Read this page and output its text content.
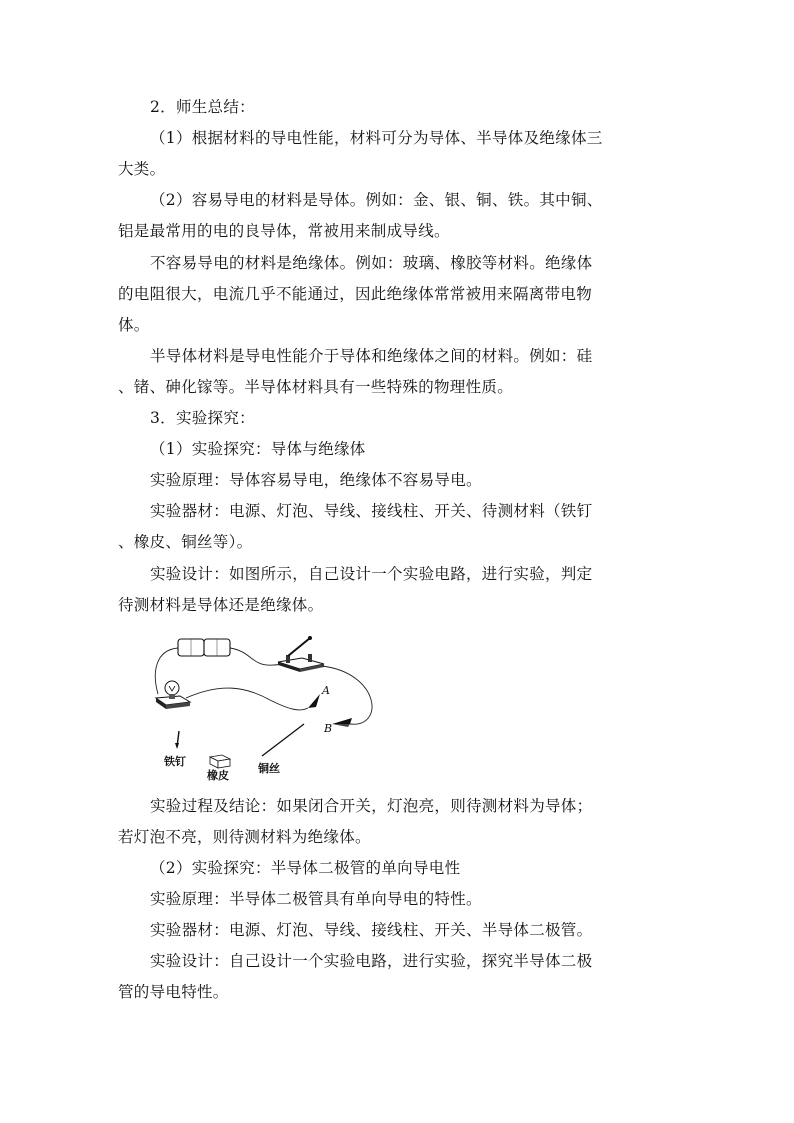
2．师生总结：
（1）根据材料的导电性能，材料可分为导体、半导体及绝缘体三
大类。
（2）容易导电的材料是导体。例如：金、银、铜、铁。其中铜、
铝是最常用的电的良导体，常被用来制成导线。
不容易导电的材料是绝缘体。例如：玻璃、橡胶等材料。绝缘体
的电阻很大，电流几乎不能通过，因此绝缘体常常被用来隔离带电物
体。
半导体材料是导电性能介于导体和绝缘体之间的材料。例如：硅
、锗、砷化镓等。半导体材料具有一些特殊的物理性质。
3．实验探究：
（1）实验探究：导体与绝缘体
实验原理：导体容易导电，绝缘体不容易导电。
实验器材：电源、灯泡、导线、接线柱、开关、待测材料（铁钉
、橡皮、铜丝等）。
实验设计：如图所示，自己设计一个实验电路，进行实验，判定
待测材料是导体还是绝缘体。
A
B
铁钉
橡皮
铜丝
实验过程及结论：如果闭合开关，灯泡亮，则待测材料为导体；
若灯泡不亮，则待测材料为绝缘体。
（2）实验探究：半导体二极管的单向导电性
实验原理：半导体二极管具有单向导电的特性。
实验器材：电源、灯泡、导线、接线柱、开关、半导体二极管。
实验设计：自己设计一个实验电路，进行实验，探究半导体二极
管的导电特性。
